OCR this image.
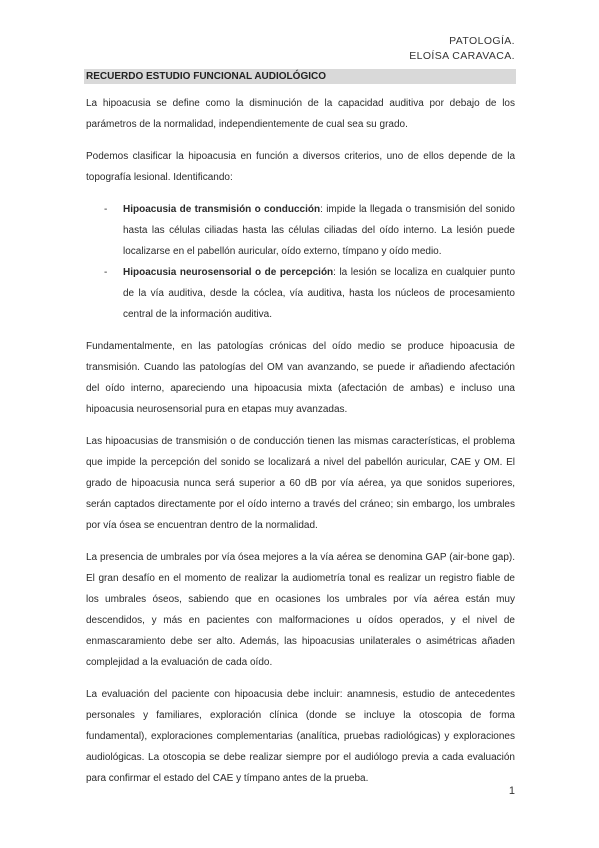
PATOLOGÍA.
ELOÍSA CARAVACA.
RECUERDO ESTUDIO FUNCIONAL AUDIOLÓGICO

La hipoacusia se define como la disminución de la capacidad auditiva por debajo de los parámetros de la normalidad, independientemente de cual sea su grado.

Podemos clasificar la hipoacusia en función a diversos criterios, uno de ellos depende de la topografía lesional. Identificando:

- Hipoacusia de transmisión o conducción: impide la llegada o transmisión del sonido hasta las células ciliadas hasta las células ciliadas del oído interno. La lesión puede localizarse en el pabellón auricular, oído externo, tímpano y oído medio.
- Hipoacusia neurosensorial o de percepción: la lesión se localiza en cualquier punto de la vía auditiva, desde la cóclea, vía auditiva, hasta los núcleos de procesamiento central de la información auditiva.

Fundamentalmente, en las patologías crónicas del oído medio se produce hipoacusia de transmisión. Cuando las patologías del OM van avanzando, se puede ir añadiendo afectación del oído interno, apareciendo una hipoacusia mixta (afectación de ambas) e incluso una hipoacusia neurosensorial pura en etapas muy avanzadas.

Las hipoacusias de transmisión o de conducción tienen las mismas características, el problema que impide la percepción del sonido se localizará a nivel del pabellón auricular, CAE y OM. El grado de hipoacusia nunca será superior a 60 dB por vía aérea, ya que sonidos superiores, serán captados directamente por el oído interno a través del cráneo; sin embargo, los umbrales por vía ósea se encuentran dentro de la normalidad.

La presencia de umbrales por vía ósea mejores a la vía aérea se denomina GAP (air-bone gap). El gran desafío en el momento de realizar la audiometría tonal es realizar un registro fiable de los umbrales óseos, sabiendo que en ocasiones los umbrales por vía aérea están muy descendidos, y más en pacientes con malformaciones u oídos operados, y el nivel de enmascaramiento debe ser alto. Además, las hipoacusias unilaterales o asimétricas añaden complejidad a la evaluación de cada oído.

La evaluación del paciente con hipoacusia debe incluir: anamnesis, estudio de antecedentes personales y familiares, exploración clínica (donde se incluye la otoscopia de forma fundamental), exploraciones complementarias (analítica, pruebas radiológicas) y exploraciones audiológicas. La otoscopia se debe realizar siempre por el audiólogo previa a cada evaluación para confirmar el estado del CAE y tímpano antes de la prueba.

1
